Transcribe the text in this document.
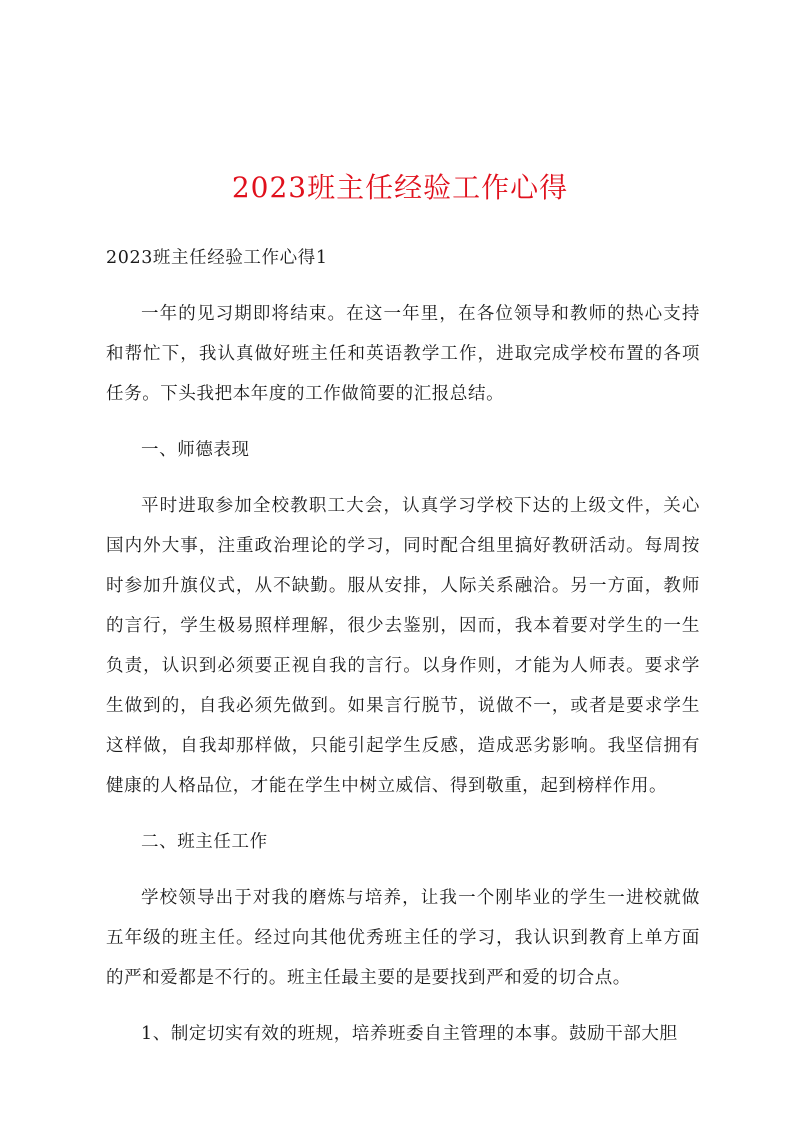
2023班主任经验工作心得

2023班主任经验工作心得1

一年的见习期即将结束。在这一年里，在各位领导和教师的热心支持和帮忙下，我认真做好班主任和英语教学工作，进取完成学校布置的各项任务。下头我把本年度的工作做简要的汇报总结。

一、师德表现

平时进取参加全校教职工大会，认真学习学校下达的上级文件，关心国内外大事，注重政治理论的学习，同时配合组里搞好教研活动。每周按时参加升旗仪式，从不缺勤。服从安排，人际关系融洽。另一方面，教师的言行，学生极易照样理解，很少去鉴别，因而，我本着要对学生的一生负责，认识到必须要正视自我的言行。以身作则，才能为人师表。要求学生做到的，自我必须先做到。如果言行脱节，说做不一，或者是要求学生这样做，自我却那样做，只能引起学生反感，造成恶劣影响。我坚信拥有健康的人格品位，才能在学生中树立威信、得到敬重，起到榜样作用。

二、班主任工作

学校领导出于对我的磨炼与培养，让我一个刚毕业的学生一进校就做五年级的班主任。经过向其他优秀班主任的学习，我认识到教育上单方面的严和爱都是不行的。班主任最主要的是要找到严和爱的切合点。

1、制定切实有效的班规，培养班委自主管理的本事。鼓励干部大胆
